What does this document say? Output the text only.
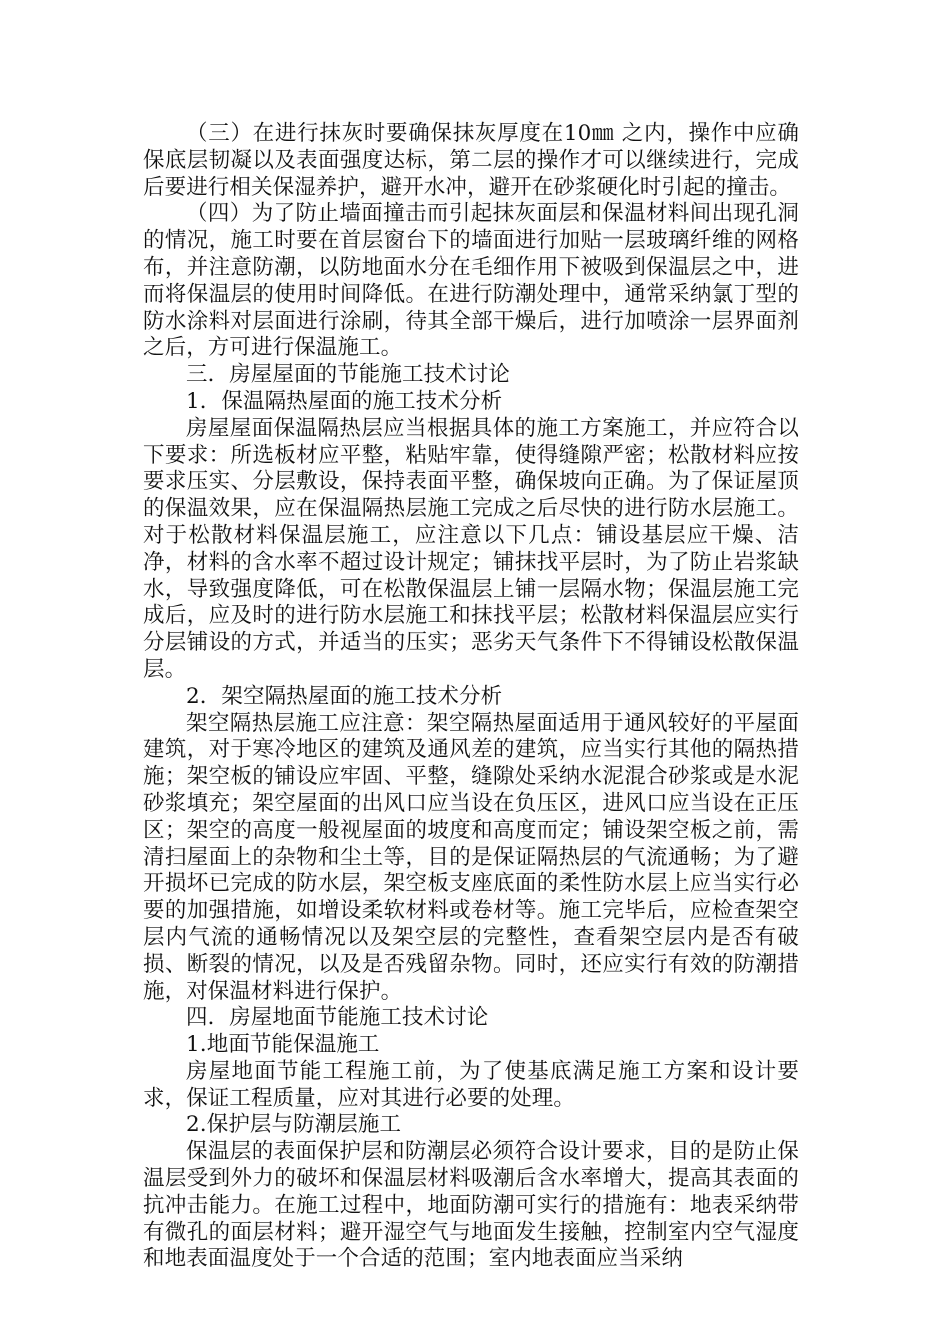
（三）在进行抹灰时要确保抹灰厚度在10㎜ 之内，操作中应确保底层韧凝以及表面强度达标，第二层的操作才可以继续进行，完成后要进行相关保湿养护，避开水冲，避开在砂浆硬化时引起的撞击。

（四）为了防止墙面撞击而引起抹灰面层和保温材料间出现孔洞的情况，施工时要在首层窗台下的墙面进行加贴一层玻璃纤维的网格布，并注意防潮，以防地面水分在毛细作用下被吸到保温层之中，进而将保温层的使用时间降低。在进行防潮处理中，通常采纳氯丁型的防水涂料对层面进行涂刷，待其全部干燥后，进行加喷涂一层界面剂之后，方可进行保温施工。

三．房屋屋面的节能施工技术讨论

1．保温隔热屋面的施工技术分析

房屋屋面保温隔热层应当根据具体的施工方案施工，并应符合以下要求：所选板材应平整，粘贴牢靠，使得缝隙严密；松散材料应按要求压实、分层敷设，保持表面平整，确保坡向正确。为了保证屋顶的保温效果，应在保温隔热层施工完成之后尽快的进行防水层施工。对于松散材料保温层施工，应注意以下几点：铺设基层应干燥、洁净，材料的含水率不超过设计规定；铺抹找平层时，为了防止岩浆缺水，导致强度降低，可在松散保温层上铺一层隔水物；保温层施工完成后，应及时的进行防水层施工和抹找平层；松散材料保温层应实行分层铺设的方式，并适当的压实；恶劣天气条件下不得铺设松散保温层。

2．架空隔热屋面的施工技术分析

架空隔热层施工应注意：架空隔热屋面适用于通风较好的平屋面建筑，对于寒冷地区的建筑及通风差的建筑，应当实行其他的隔热措施；架空板的铺设应牢固、平整，缝隙处采纳水泥混合砂浆或是水泥砂浆填充；架空屋面的出风口应当设在负压区，进风口应当设在正压区；架空的高度一般视屋面的坡度和高度而定；铺设架空板之前，需清扫屋面上的杂物和尘土等，目的是保证隔热层的气流通畅；为了避开损坏已完成的防水层，架空板支座底面的柔性防水层上应当实行必要的加强措施，如增设柔软材料或卷材等。施工完毕后，应检查架空层内气流的通畅情况以及架空层的完整性，查看架空层内是否有破损、断裂的情况，以及是否残留杂物。同时，还应实行有效的防潮措施，对保温材料进行保护。

四．房屋地面节能施工技术讨论

1.地面节能保温施工

房屋地面节能工程施工前，为了使基底满足施工方案和设计要求，保证工程质量，应对其进行必要的处理。

2.保护层与防潮层施工

保温层的表面保护层和防潮层必须符合设计要求，目的是防止保温层受到外力的破坏和保温层材料吸潮后含水率增大，提高其表面的抗冲击能力。在施工过程中，地面防潮可实行的措施有：地表采纳带有微孔的面层材料；避开湿空气与地面发生接触，控制室内空气湿度和地表面温度处于一个合适的范围；室内地表面应当采纳
